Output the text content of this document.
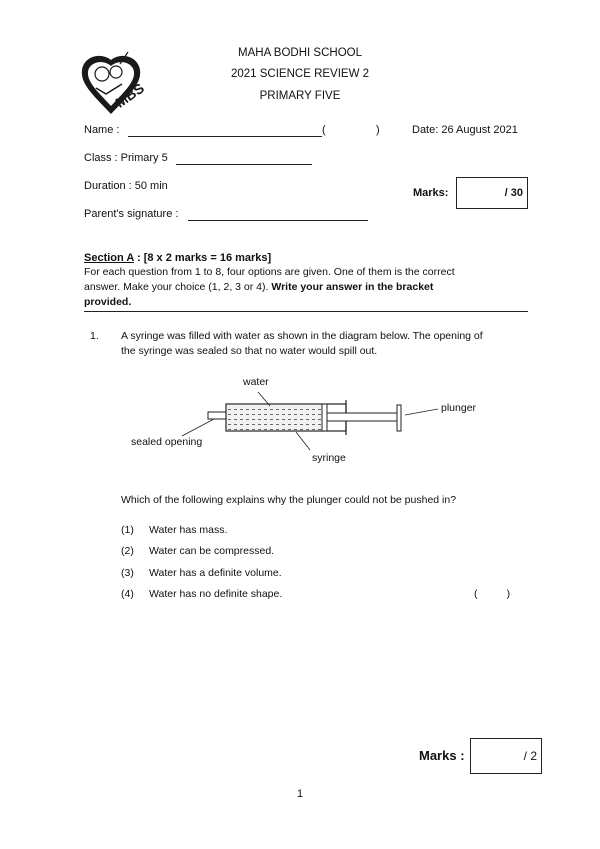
MBS
MAHA BODHI SCHOOL
2021 SCIENCE REVIEW 2
PRIMARY FIVE
Name :	(	)	Date: 26 August 2021
Class : Primary 5
Duration : 50 min
Marks:	/ 30
Parent's signature :
Section A : [8 x 2 marks = 16 marks]
For each question from 1 to 8, four options are given. One of them is the correct
answer. Make your choice (1, 2, 3 or 4). Write your answer in the bracket
provided.
1. A syringe was filled with water as shown in the diagram below. The opening of
the syringe was sealed so that no water would spill out.
water
plunger
sealed opening
syringe
Which of the following explains why the plunger could not be pushed in?
(1) Water has mass.
(2) Water can be compressed.
(3) Water has a definite volume.
(4) Water has no definite shape.	(          )
Marks :	/ 2
1
